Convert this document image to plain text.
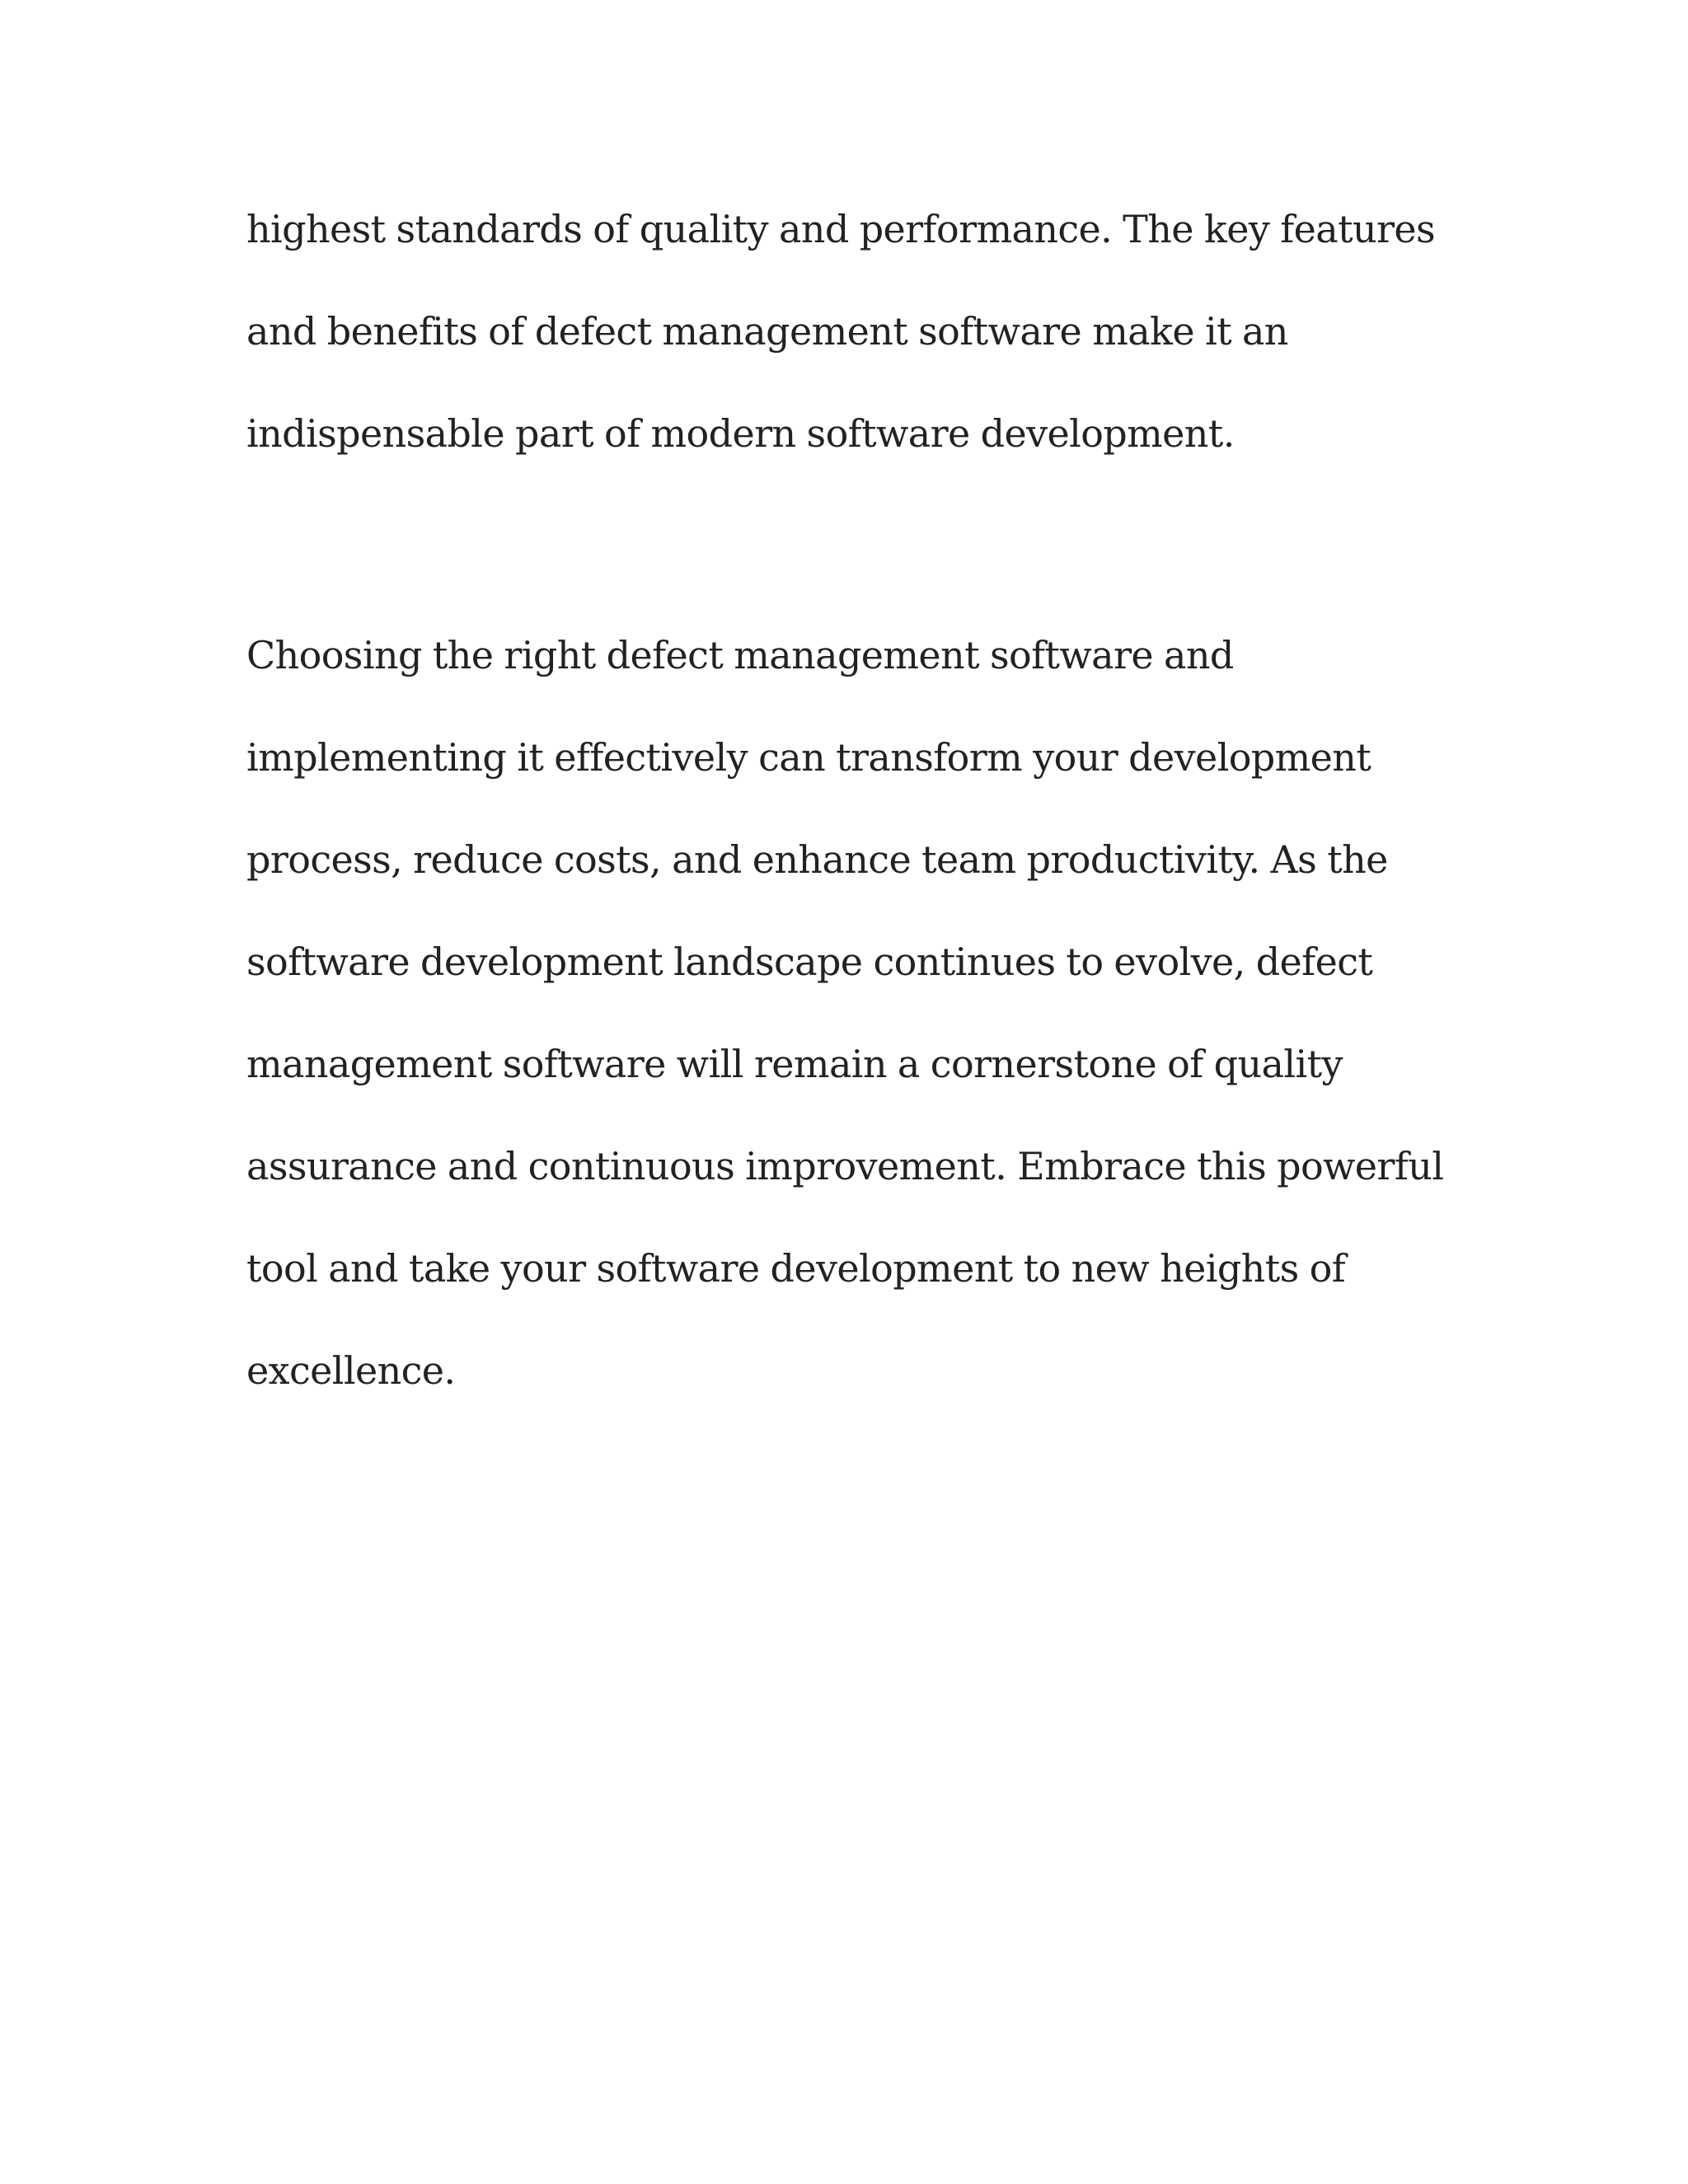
highest standards of quality and performance. The key features
and benefits of defect management software make it an
indispensable part of modern software development.

Choosing the right defect management software and
implementing it effectively can transform your development
process, reduce costs, and enhance team productivity. As the
software development landscape continues to evolve, defect
management software will remain a cornerstone of quality
assurance and continuous improvement. Embrace this powerful
tool and take your software development to new heights of
excellence.
